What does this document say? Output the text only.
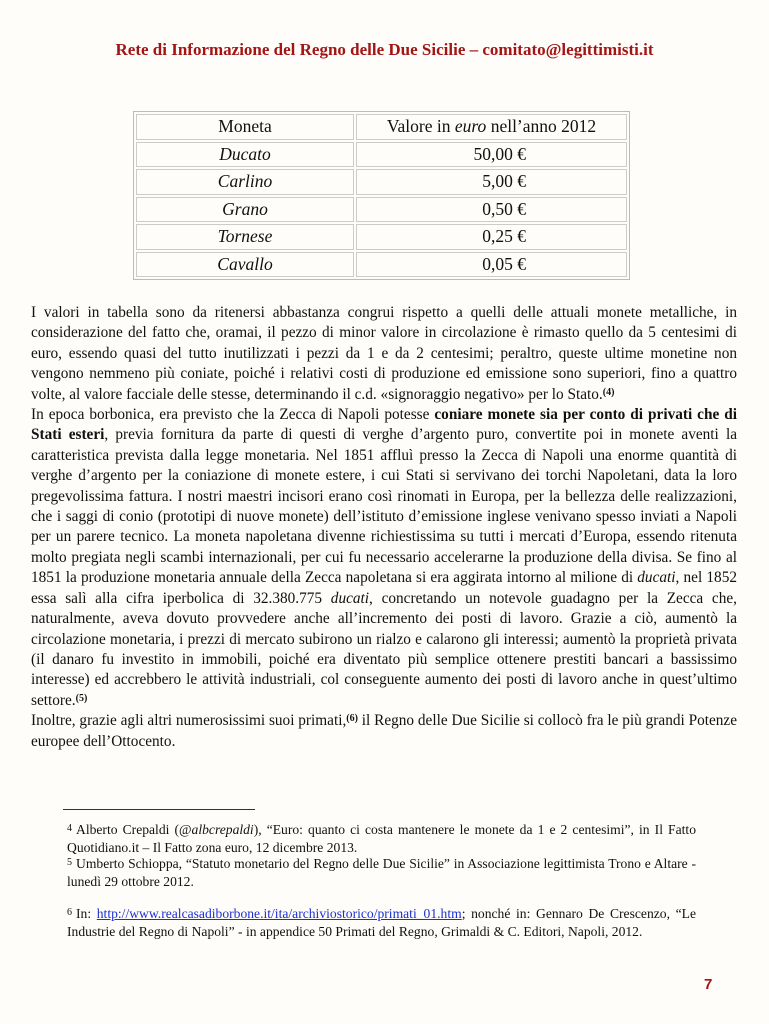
Rete di Informazione del Regno delle Due Sicilie – comitato@legittimisti.it
Moneta	Valore in euro nell’anno 2012
Ducato	50,00 €
Carlino	5,00 €
Grano	0,50 €
Tornese	0,25 €
Cavallo	0,05 €

I valori in tabella sono da ritenersi abbastanza congrui rispetto a quelli delle attuali monete metalliche, in considerazione del fatto che, oramai, il pezzo di minor valore in circolazione è rimasto quello da 5 centesimi di euro, essendo quasi del tutto inutilizzati i pezzi da 1 e da 2 centesimi; peraltro, queste ultime monetine non vengono nemmeno più coniate, poiché i relativi costi di produzione ed emissione sono superiori, fino a quattro volte, al valore facciale delle stesse, determinando il c.d. «signoraggio negativo» per lo Stato.$^{(4)}$

In epoca borbonica, era previsto che la Zecca di Napoli potesse coniare monete sia per conto di privati che di Stati esteri, previa fornitura da parte di questi di verghe d’argento puro, convertite poi in monete aventi la caratteristica prevista dalla legge monetaria. Nel 1851 affluì presso la Zecca di Napoli una enorme quantità di verghe d’argento per la coniazione di monete estere, i cui Stati si servivano dei torchi Napoletani, data la loro pregevolissima fattura. I nostri maestri incisori erano così rinomati in Europa, per la bellezza delle realizzazioni, che i saggi di conio (prototipi di nuove monete) dell’istituto d’emissione inglese venivano spesso inviati a Napoli per un parere tecnico. La moneta napoletana divenne richiestissima su tutti i mercati d’Europa, essendo ritenuta molto pregiata negli scambi internazionali, per cui fu necessario accelerarne la produzione della divisa. Se fino al 1851 la produzione monetaria annuale della Zecca napoletana si era aggirata intorno al milione di ducati, nel 1852 essa salì alla cifra iperbolica di 32.380.775 ducati, concretando un notevole guadagno per la Zecca che, naturalmente, aveva dovuto provvedere anche all’incremento dei posti di lavoro. Grazie a ciò, aumentò la circolazione monetaria, i prezzi di mercato subirono un rialzo e calarono gli interessi; aumentò la proprietà privata (il danaro fu investito in immobili, poiché era diventato più semplice ottenere prestiti bancari a bassissimo interesse) ed accrebbero le attività industriali, col conseguente aumento dei posti di lavoro anche in quest’ultimo settore.$^{(5)}$

Inoltre, grazie agli altri numerosissimi suoi primati,$^{(6)}$ il Regno delle Due Sicilie si collocò fra le più grandi Potenze europee dell’Ottocento.

$^4$ Alberto Crepaldi (@albcrepaldi), “Euro: quanto ci costa mantenere le monete da 1 e 2 centesimi”, in Il Fatto Quotidiano.it – Il Fatto zona euro, 12 dicembre 2013.
$^5$ Umberto Schioppa, “Statuto monetario del Regno delle Due Sicilie” in Associazione legittimista Trono e Altare - lunedì 29 ottobre 2012.
$^6$ In: http://www.realcasadiborbone.it/ita/archiviostorico/primati_01.htm; nonché in: Gennaro De Crescenzo, “Le Industrie del Regno di Napoli” - in appendice 50 Primati del Regno, Grimaldi & C. Editori, Napoli, 2012.
7
